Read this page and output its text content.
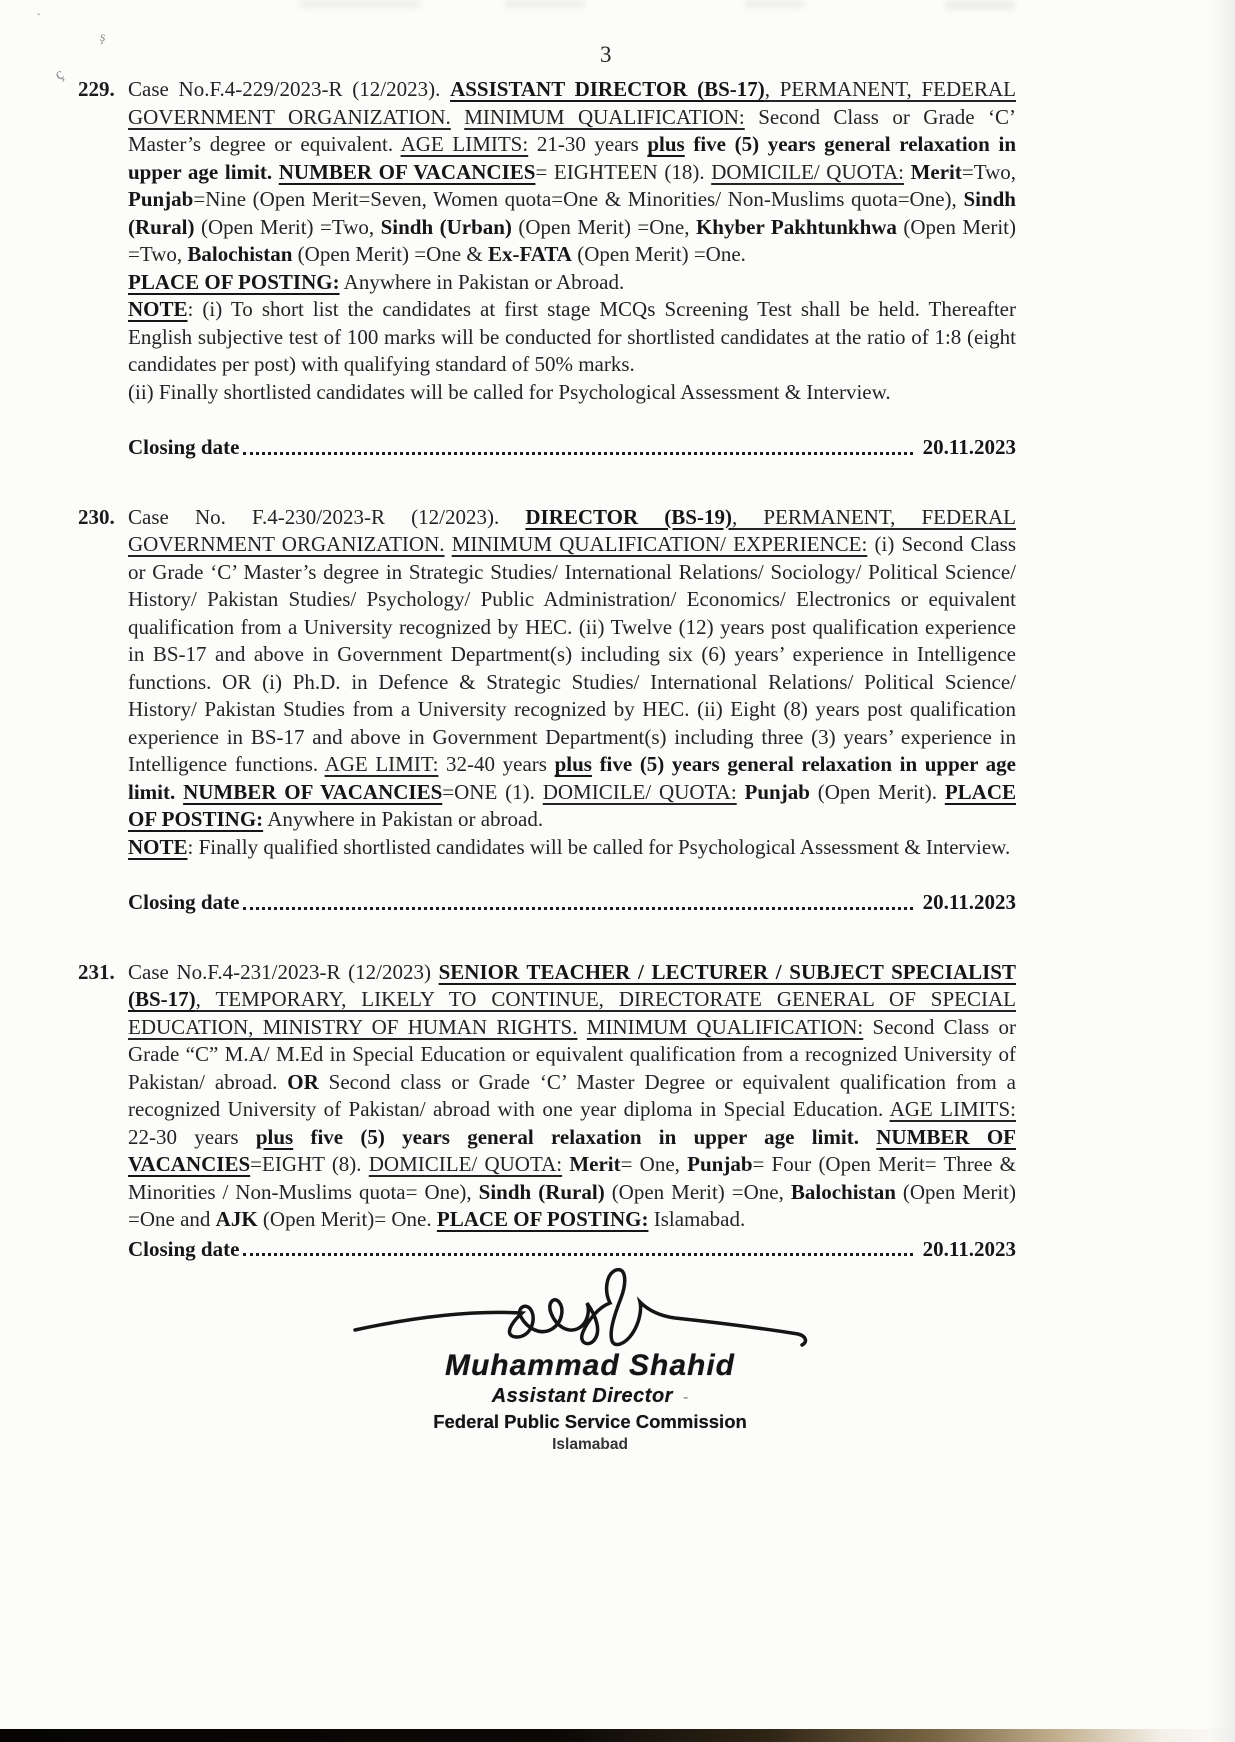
`
ş
ç
3
229. Case No.F.4-229/2023-R (12/2023). ASSISTANT DIRECTOR (BS-17), PERMANENT, FEDERAL GOVERNMENT ORGANIZATION. MINIMUM QUALIFICATION: Second Class or Grade ‘C’ Master’s degree or equivalent. AGE LIMITS: 21-30 years plus five (5) years general relaxation in upper age limit. NUMBER OF VACANCIES= EIGHTEEN (18). DOMICILE/ QUOTA: Merit=Two, Punjab=Nine (Open Merit=Seven, Women quota=One & Minorities/ Non-Muslims quota=One), Sindh (Rural) (Open Merit) =Two, Sindh (Urban) (Open Merit) =One, Khyber Pakhtunkhwa (Open Merit) =Two, Balochistan (Open Merit) =One & Ex-FATA (Open Merit) =One.
PLACE OF POSTING: Anywhere in Pakistan or Abroad.
NOTE: (i) To short list the candidates at first stage MCQs Screening Test shall be held. Thereafter English subjective test of 100 marks will be conducted for shortlisted candidates at the ratio of 1:8 (eight candidates per post) with qualifying standard of 50% marks.
(ii) Finally shortlisted candidates will be called for Psychological Assessment & Interview.
Closing date	20.11.2023
230. Case No. F.4-230/2023-R (12/2023). DIRECTOR (BS-19), PERMANENT, FEDERAL GOVERNMENT ORGANIZATION. MINIMUM QUALIFICATION/ EXPERIENCE: (i) Second Class or Grade ‘C’ Master’s degree in Strategic Studies/ International Relations/ Sociology/ Political Science/ History/ Pakistan Studies/ Psychology/ Public Administration/ Economics/ Electronics or equivalent qualification from a University recognized by HEC. (ii) Twelve (12) years post qualification experience in BS-17 and above in Government Department(s) including six (6) years’ experience in Intelligence functions. OR (i) Ph.D. in Defence & Strategic Studies/ International Relations/ Political Science/ History/ Pakistan Studies from a University recognized by HEC. (ii) Eight (8) years post qualification experience in BS-17 and above in Government Department(s) including three (3) years’ experience in Intelligence functions. AGE LIMIT: 32-40 years plus five (5) years general relaxation in upper age limit. NUMBER OF VACANCIES=ONE (1). DOMICILE/ QUOTA: Punjab (Open Merit). PLACE OF POSTING: Anywhere in Pakistan or abroad.
NOTE: Finally qualified shortlisted candidates will be called for Psychological Assessment & Interview.
Closing date	20.11.2023
231. Case No.F.4-231/2023-R (12/2023) SENIOR TEACHER / LECTURER / SUBJECT SPECIALIST (BS-17), TEMPORARY, LIKELY TO CONTINUE, DIRECTORATE GENERAL OF SPECIAL EDUCATION, MINISTRY OF HUMAN RIGHTS. MINIMUM QUALIFICATION: Second Class or Grade “C” M.A/ M.Ed in Special Education or equivalent qualification from a recognized University of Pakistan/ abroad. OR Second class or Grade ‘C’ Master Degree or equivalent qualification from a recognized University of Pakistan/ abroad with one year diploma in Special Education. AGE LIMITS: 22-30 years plus five (5) years general relaxation in upper age limit. NUMBER OF VACANCIES=EIGHT (8). DOMICILE/ QUOTA: Merit= One, Punjab= Four (Open Merit= Three & Minorities / Non-Muslims quota= One), Sindh (Rural) (Open Merit) =One, Balochistan (Open Merit) =One and AJK (Open Merit)= One. PLACE OF POSTING: Islamabad.
Closing date	20.11.2023
Muhammad Shahid
Assistant Director -
Federal Public Service Commission
Islamabad
